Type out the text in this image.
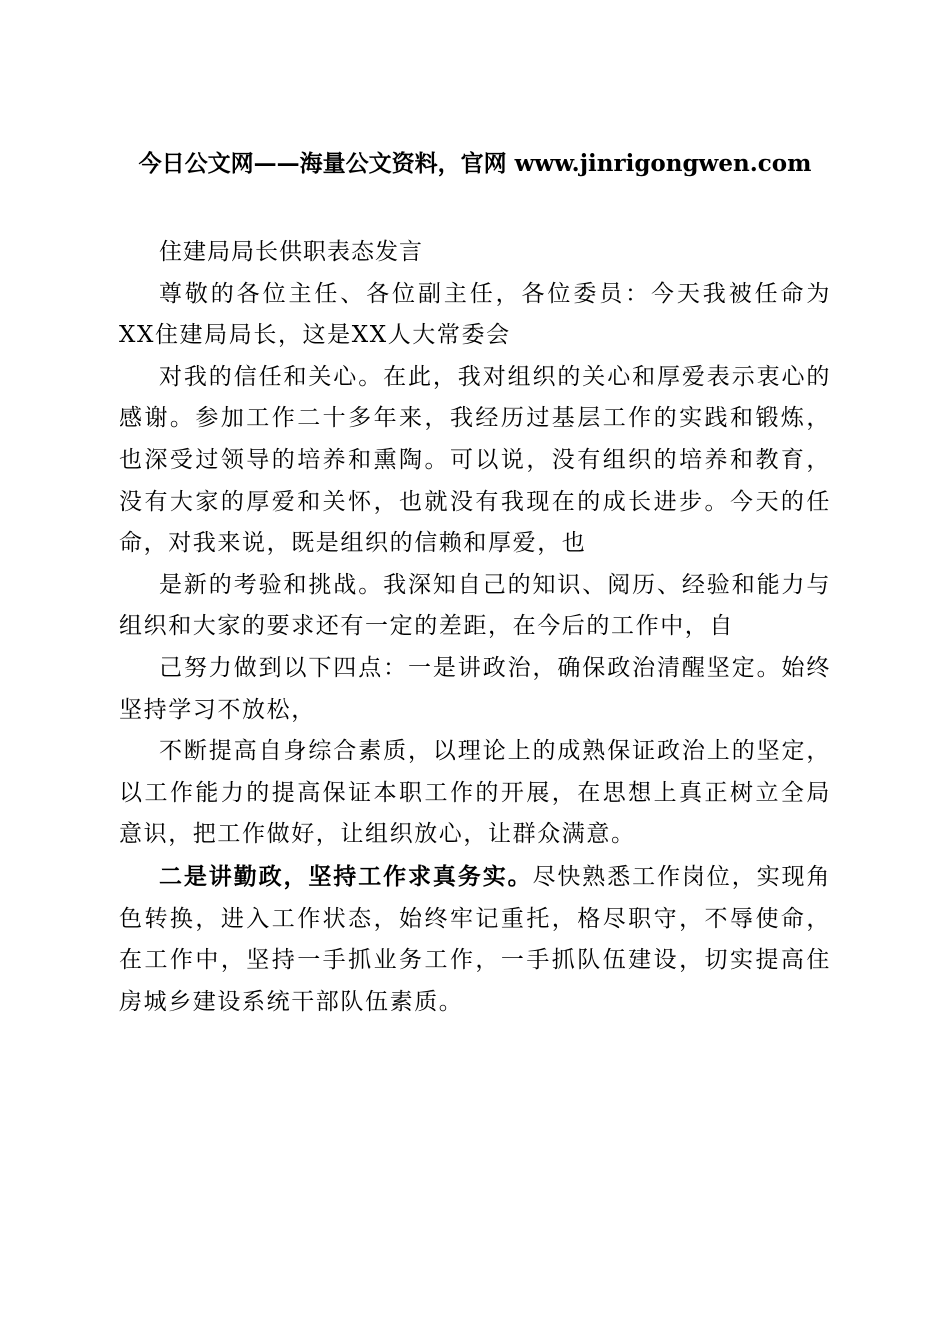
今日公文网——海量公文资料，官网 www.jinrigongwen.com

住建局局长供职表态发言

尊敬的各位主任、各位副主任，各位委员：今天我被任命为XX住建局局长，这是XX人大常委会

对我的信任和关心。在此，我对组织的关心和厚爱表示衷心的感谢。参加工作二十多年来，我经历过基层工作的实践和锻炼，也深受过领导的培养和熏陶。可以说，没有组织的培养和教育，没有大家的厚爱和关怀，也就没有我现在的成长进步。今天的任命，对我来说，既是组织的信赖和厚爱，也

是新的考验和挑战。我深知自己的知识、阅历、经验和能力与组织和大家的要求还有一定的差距，在今后的工作中，自

己努力做到以下四点：一是讲政治，确保政治清醒坚定。始终坚持学习不放松，

不断提高自身综合素质，以理论上的成熟保证政治上的坚定，以工作能力的提高保证本职工作的开展，在思想上真正树立全局意识，把工作做好，让组织放心，让群众满意。

二是讲勤政，坚持工作求真务实。尽快熟悉工作岗位，实现角色转换，进入工作状态，始终牢记重托，格尽职守，不辱使命，在工作中，坚持一手抓业务工作，一手抓队伍建设，切实提高住房城乡建设系统干部队伍素质。
